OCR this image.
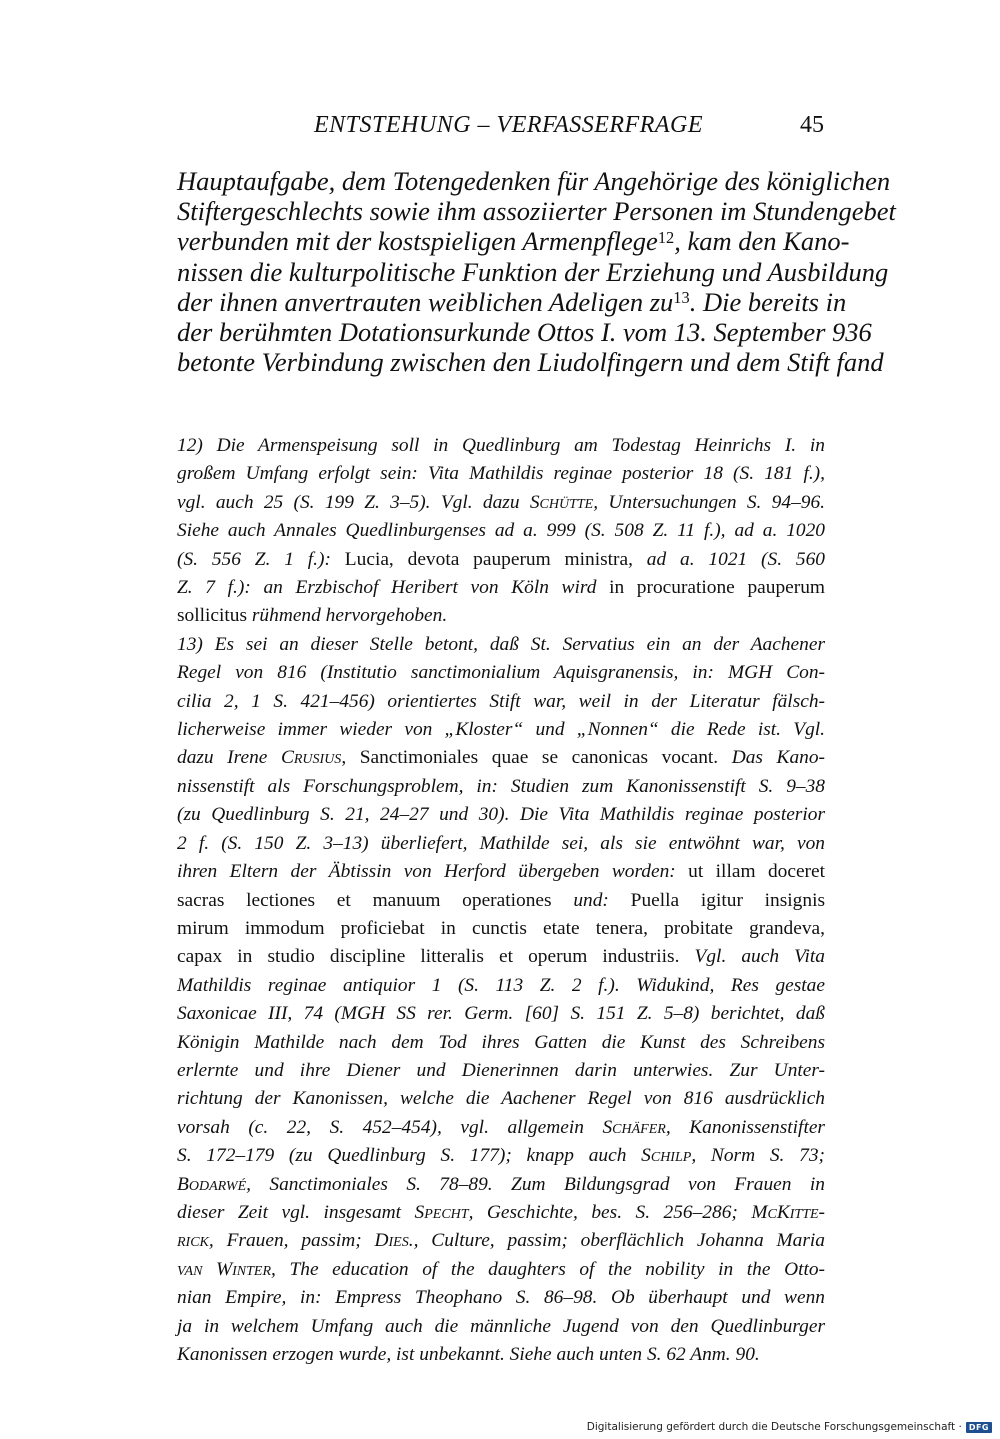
ENTSTEHUNG – VERFASSERFRAGE	45
Hauptaufgabe, dem Totengedenken für Angehörige des königlichen
Stiftergeschlechts sowie ihm assoziierter Personen im Stundengebet
verbunden mit der kostspieligen Armenpflege$^{12}$, kam den Kano-
nissen die kulturpolitische Funktion der Erziehung und Ausbildung
der ihnen anvertrauten weiblichen Adeligen $zu^{13}$. Die bereits in
der berühmten Dotationsurkunde Ottos I. vom 13. September 936
betonte Verbindung zwischen den Liudolfingern und dem Stift fand
12) Die Armenspeisung soll in Quedlinburg am Todestag Heinrichs I. in
großem Umfang erfolgt sein: Vita Mathildis reginae posterior 18 (S. 181 f.),
vgl. auch 25 (S. 199 Z. 3–5). Vgl. dazu Schütte, Untersuchungen S. 94–96.
Siehe auch Annales Quedlinburgenses ad a. 999 (S. 508 Z. 11 f.), ad a. 1020
(S. 556 Z. 1 f.): Lucia, devota pauperum ministra, ad a. 1021 (S. 560
Z. 7 f.): an Erzbischof Heribert von Köln wird in procuratione pauperum
sollicitus rühmend hervorgehoben.
13) Es sei an dieser Stelle betont, daß St. Servatius ein an der Aachener
Regel von 816 (Institutio sanctimonialium Aquisgranensis, in: MGH Con-
cilia 2, 1 S. 421–456) orientiertes Stift war, weil in der Literatur fälsch-
licherweise immer wieder von „Kloster“ und „Nonnen“ die Rede ist. Vgl.
dazu Irene Crusius, Sanctimoniales quae se canonicas vocant. Das Kano-
nissenstift als Forschungsproblem, in: Studien zum Kanonissenstift S. 9–38
(zu Quedlinburg S. 21, 24–27 und 30). Die Vita Mathildis reginae posterior
2 f. (S. 150 Z. 3–13) überliefert, Mathilde sei, als sie entwöhnt war, von
ihren Eltern der Äbtissin von Herford übergeben worden: ut illam doceret
sacras lectiones et manuum operationes und: Puella igitur insignis
mirum immodum proficiebat in cunctis etate tenera, probitate grandeva,
capax in studio discipline litteralis et operum industriis. Vgl. auch Vita
Mathildis reginae antiquior 1 (S. 113 Z. 2 f.). Widukind, Res gestae
Saxonicae III, 74 (MGH SS rer. Germ. [60] S. 151 Z. 5–8) berichtet, daß
Königin Mathilde nach dem Tod ihres Gatten die Kunst des Schreibens
erlernte und ihre Diener und Dienerinnen darin unterwies. Zur Unter-
richtung der Kanonissen, welche die Aachener Regel von 816 ausdrücklich
vorsah (c. 22, S. 452–454), vgl. allgemein Schäfer, Kanonissenstifter
S. 172–179 (zu Quedlinburg S. 177); knapp auch Schilp, Norm S. 73;
Bodarwé, Sanctimoniales S. 78–89. Zum Bildungsgrad von Frauen in
dieser Zeit vgl. insgesamt Specht, Geschichte, bes. S. 256–286; McKitte-
rick, Frauen, passim; Dies., Culture, passim; oberflächlich Johanna Maria
van Winter, The education of the daughters of the nobility in the Otto-
nian Empire, in: Empress Theophano S. 86–98. Ob überhaupt und wenn
ja in welchem Umfang auch die männliche Jugend von den Quedlinburger
Kanonissen erzogen wurde, ist unbekannt. Siehe auch unten S. 62 Anm. 90.
Digitalisierung gefördert durch die Deutsche Forschungsgemeinschaft · DFG
